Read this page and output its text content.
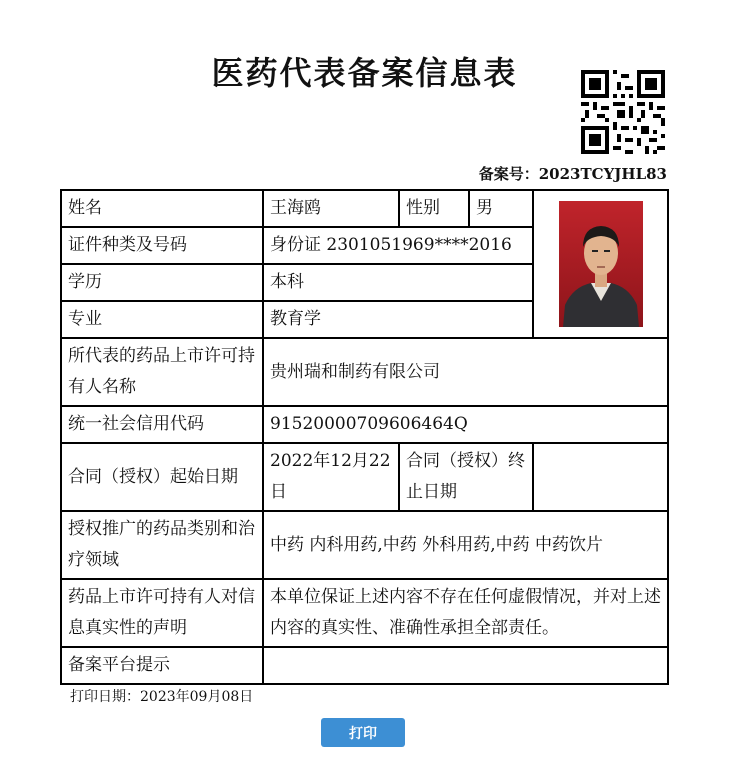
医药代表备案信息表
备案号：2023TCYJHL83
姓名	王海鸥	性别	男	

证件种类及号码	身份证 2301051969****2016			
学历	本科			
专业	教育学			
所代表的药品上市许可持有人名称	贵州瑞和制药有限公司			
统一社会信用代码	91520000709606464Q			
合同（授权）起始日期	2022年12月22日	合同（授权）终止日期		
授权推广的药品类别和治疗领域	中药 内科用药,中药 外科用药,中药 中药饮片			
药品上市许可持有人对信息真实性的声明	本单位保证上述内容不存在任何虚假情况，并对上述内容的真实性、准确性承担全部责任。			
备案平台提示				
打印日期：2023年09月08日
打印
